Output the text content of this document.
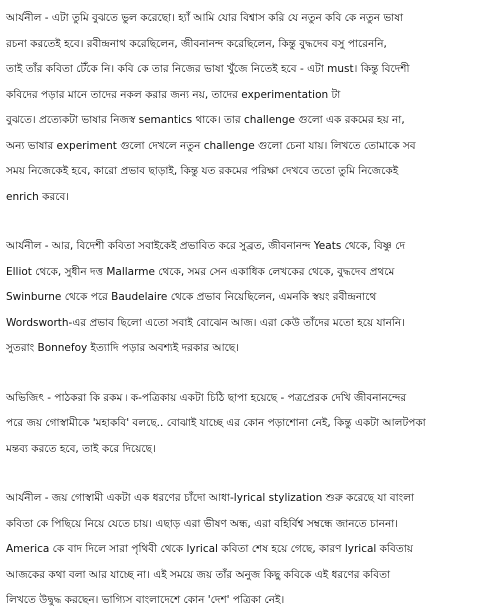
আর্যনীল - এটা তুমি বুঝতে ভুল করেছো। হ্যাঁ আমি যোর বিশ্বাস করি যে নতুন কবি কে নতুন ভাষা
রচনা করতেই হবে। রবীন্দ্রনাথ করেছিলেন, জীবনানন্দ করেছিলেন, কিন্তু বুদ্ধদেব বসু পারেননি,
তাই তাঁর কবিতা টেঁকে নি। কবি কে তার নিজের ভাষা খুঁজে নিতেই হবে - এটা must। কিন্তু বিদেশী
কবিদের পড়ার মানে তাদের নকল করার জন্য নয়, তাদের experimentation টা
বুঝতে। প্রত্যেকটা ভাষার নিজস্ব semantics থাকে। তার challenge গুলো এক রকমের হয় না,
অন্য ভাষার experiment গুলো দেখলে নতুন challenge গুলো চেনা যায়। লিখতে তোমাকে সব
সময় নিজেকেই হবে, কারো প্রভাব ছাড়াই, কিন্তু যত রকমের পরিক্ষা দেখবে ততো তুমি নিজেকেই
enrich করবে।
আর্যনীল - আর, বিদেশী কবিতা সবাইকেই প্রভাবিত করে সুব্রত, জীবনানন্দ Yeats থেকে, বিষ্ণু দে
Elliot থেকে, সুধীন দত্ত Mallarme থেকে, সমর সেন একাধিক লেখকের থেকে, বুদ্ধদেব প্রথমে
Swinburne থেকে পরে Baudelaire থেকে প্রভাব নিয়েছিলেন, এমনকি স্বয়ং রবীন্দ্রনাথে
Wordsworth-এর প্রভাব ছিলো এতো সবাই বোঝেন আজ। এরা কেউ তাঁদের মতো হয়ে যাননি।
সুতরাং Bonnefoy ইত্যাদি পড়ার অবশ্যই দরকার আছে।
অভিজিৎ - পাঠকরা কি রকম ৷ ক-পত্রিকায় একটা চিঠি ছাপা হয়েছে - পত্রপ্রেরক দেখি জীবনানন্দের
পরে জয় গোস্বামীকে 'মহাকবি' বলছে.. বোঝাই যাচ্ছে এর কোন পড়াশোনা নেই, কিন্তু একটা আলটপকা
মন্তব্য করতে হবে, তাই করে দিয়েছে।
আর্যনীল - জয় গোস্বামী একটা এক ধরণের চাঁদো আধা-lyrical stylization শুরু করেছে যা বাংলা
কবিতা কে পিছিয়ে নিয়ে যেতে চায়। এছাড় এরা ভীষণ অন্ধ, এরা বহির্বিশ্ব সম্বন্ধে জানতে চাননা।
America কে বাদ দিলে সারা পৃথিবী থেকে lyrical কবিতা শেষ হয়ে গেছে, কারণ lyrical কবিতায়
আজকের কথা বলা আর যাচ্ছে না। এই সময়ে জয় তাঁর অনুজ কিছু কবিকে এই ধরণের কবিতা
লিখতে উদ্বুদ্ধ করছেন। ভাগ্যিস বাংলাদেশে কোন 'দেশ' পত্রিকা নেই।
